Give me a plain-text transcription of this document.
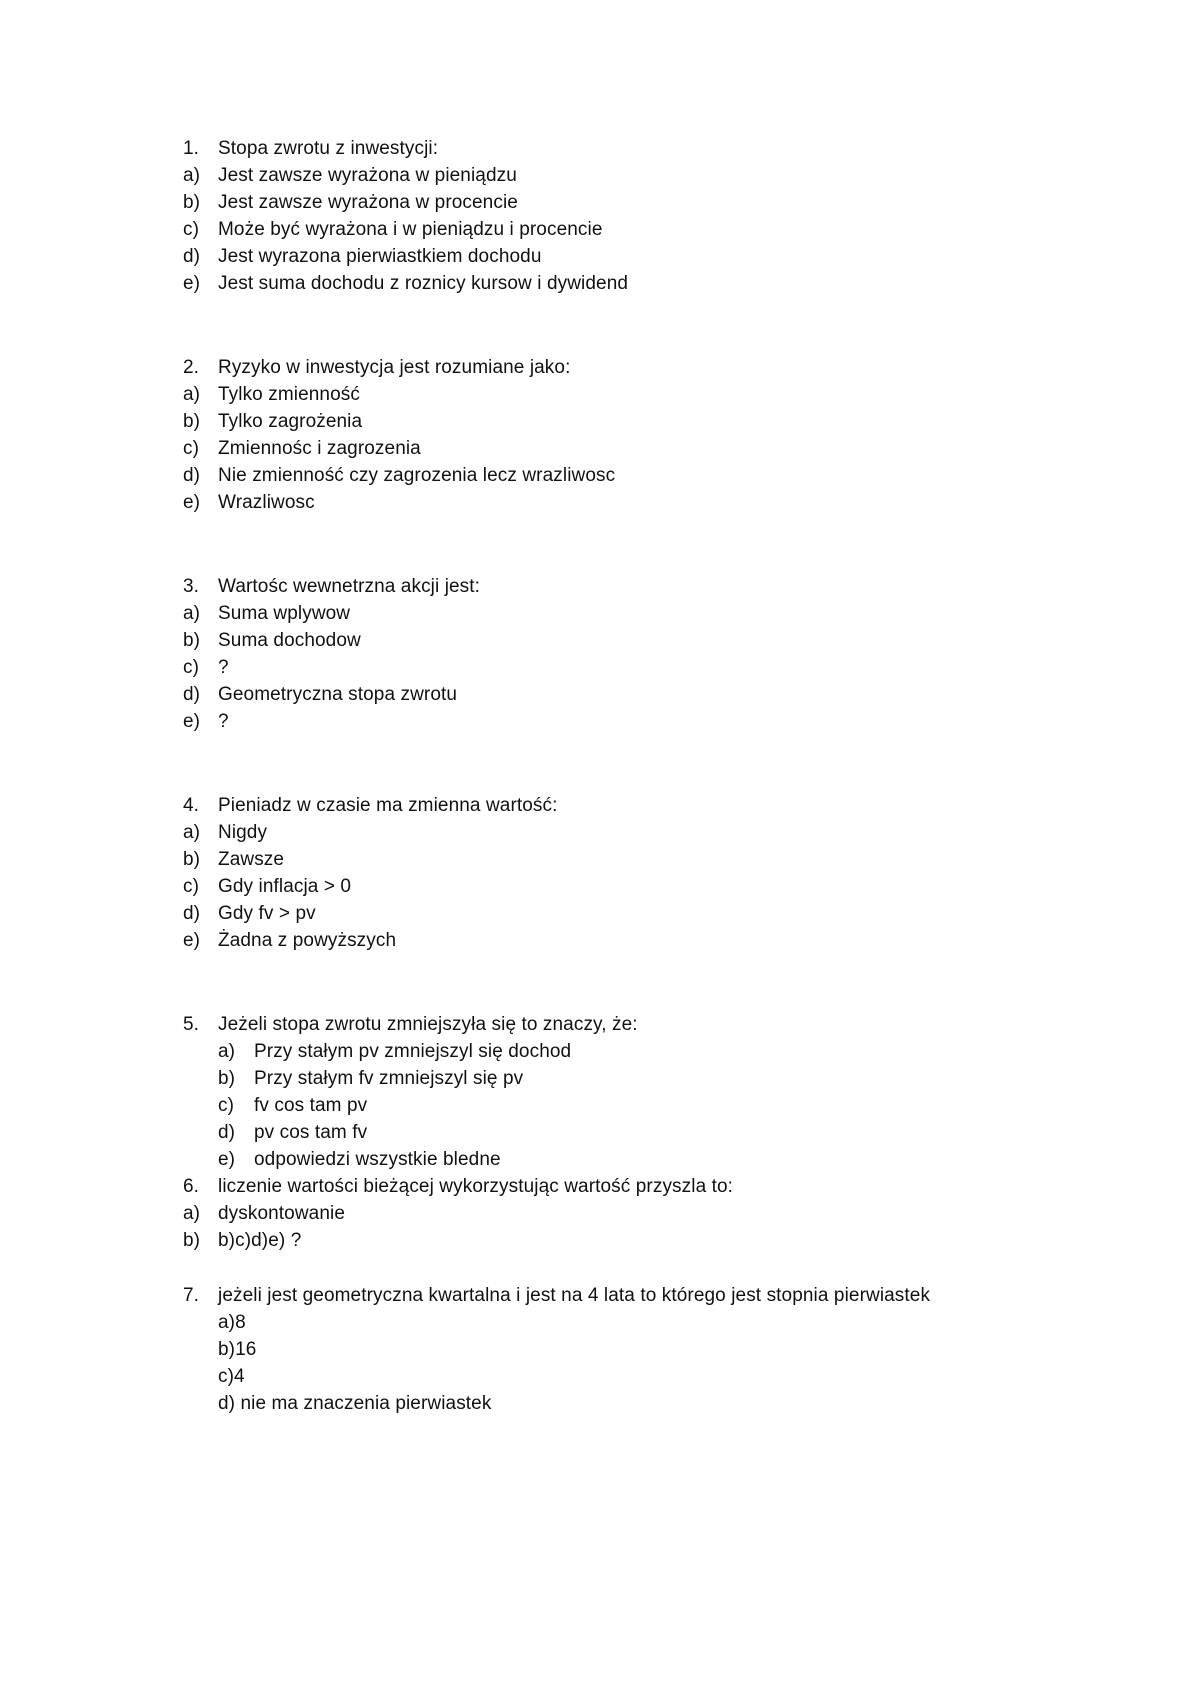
1. Stopa zwrotu z inwestycji:
a) Jest zawsze wyrażona w pieniądzu
b) Jest zawsze wyrażona w procencie
c) Może być wyrażona i w pieniądzu i procencie
d) Jest wyrazona pierwiastkiem dochodu
e) Jest suma dochodu z roznicy kursow i dywidend
2. Ryzyko w inwestycja jest rozumiane jako:
a) Tylko zmienność
b) Tylko zagrożenia
c) Zmiennośc i zagrozenia
d) Nie zmienność czy zagrozenia lecz wrazliwosc
e) Wrazliwosc
3. Wartośc wewnetrzna akcji jest:
a) Suma wplywow
b) Suma dochodow
c) ?
d) Geometryczna stopa zwrotu
e) ?
4. Pieniadz w czasie ma zmienna wartość:
a) Nigdy
b) Zawsze
c) Gdy inflacja > 0
d) Gdy fv > pv
e) Żadna z powyższych
5. Jeżeli stopa zwrotu zmniejszyła się to znaczy, że:
a) Przy stałym pv zmniejszyl się dochod
b) Przy stałym fv zmniejszyl się pv
c) fv cos tam pv
d) pv cos tam fv
e) odpowiedzi wszystkie bledne
6. liczenie wartości bieżącej wykorzystując wartość przyszla to:
a) dyskontowanie
b) b)c)d)e) ?
7. jeżeli jest geometryczna kwartalna i jest na 4 lata to którego jest stopnia pierwiastek
a)8
b)16
c)4
d) nie ma znaczenia pierwiastek
